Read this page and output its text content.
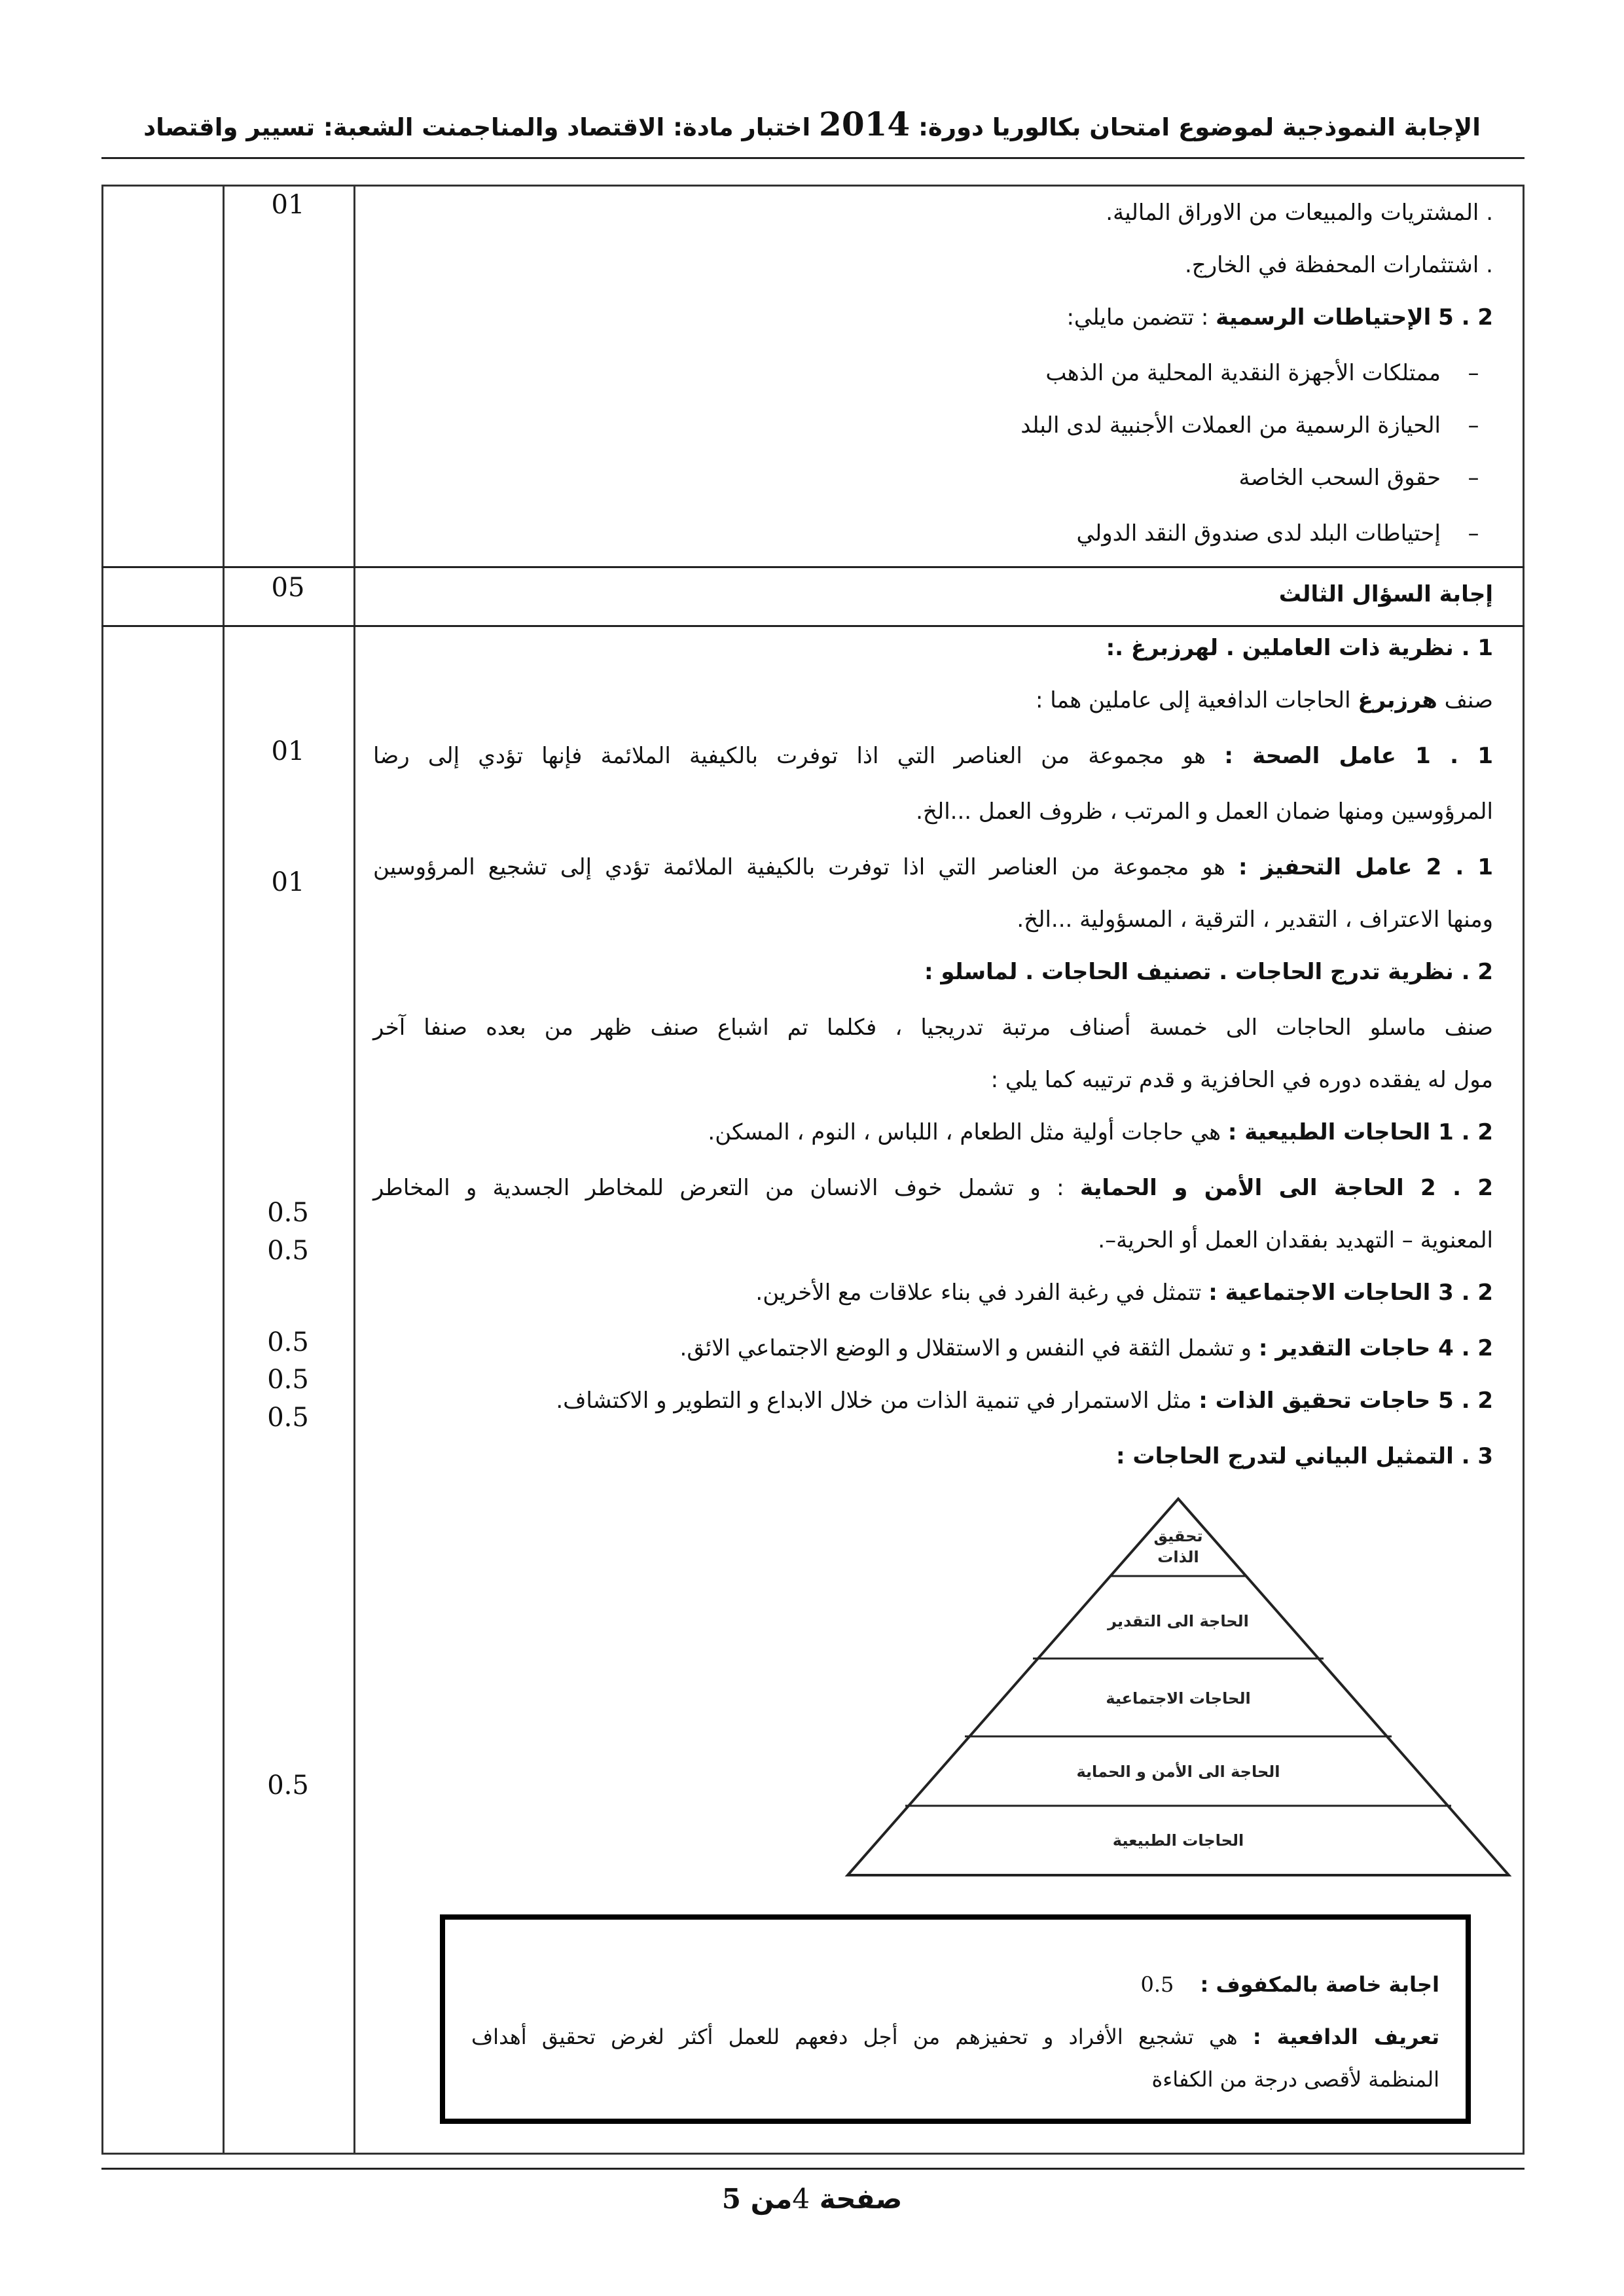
الإجابة النموذجية لموضوع امتحان بكالوريا دورة: 2014 اختبار مادة: الاقتصاد والمناجمنت الشعبة: تسيير واقتصاد
01	. المشتريات والمبيعات من الاوراق المالية.
. اشتثمارات المحفظة في الخارج.
2 . 5 الإحتياطات الرسمية : تتضمن مايلي:
–ممتلكات الأجهزة النقدية المحلية من الذهب
–الحيازة الرسمية من العملات الأجنبية لدى البلد
–حقوق السحب الخاصة
–إحتياطات البلد لدى صندوق النقد الدولي
05	إجابة السؤال الثالث
01
01
0.5
0.5
0.5
0.5
0.5
0.5
1 . نظرية ذات العاملين . لهرزبرغ .:
صنف هرزبرغ الحاجات الدافعية إلى عاملين هما :
1 . 1 عامل الصحة : هو مجموعة من العناصر التي اذا توفرت بالكيفية الملائمة فإنها تؤدي إلى رضا
المرؤوسين ومنها ضمان العمل و المرتب ، ظروف العمل ...الخ.
1 . 2 عامل التحفيز : هو مجموعة من العناصر التي اذا توفرت بالكيفية الملائمة تؤدي إلى تشجيع المرؤوسين
ومنها الاعتراف ، التقدير ، الترقية ، المسؤولية ...الخ.
2 . نظرية تدرج الحاجات . تصنيف الحاجات . لماسلو :
صنف ماسلو الحاجات الى خمسة أصناف مرتبة تدريجيا ، فكلما تم اشباع صنف ظهر من بعده صنفا آخر
مول له يفقده دوره في الحافزية و قدم ترتيبه كما يلي :
2 . 1 الحاجات الطبيعية : هي حاجات أولية مثل الطعام ، اللباس ، النوم ، المسكن.
2 . 2 الحاجة الى الأمن و الحماية : و تشمل خوف الانسان من التعرض للمخاطر الجسدية و المخاطر
المعنوية – التهديد بفقدان العمل أو الحرية–.
2 . 3 الحاجات الاجتماعية : تتمثل في رغبة الفرد في بناء علاقات مع الأخرين.
2 . 4 حاجات التقدير : و تشمل الثقة في النفس و الاستقلال و الوضع الاجتماعي الائق.
2 . 5 حاجات تحقيق الذات : مثل الاستمرار في تنمية الذات من خلال الابداع و التطوير و الاكتشاف.
3 . التمثيل البياني لتدرج الحاجات :
تحقيق
الذات
الحاجة الى التقدير
الحاجات الاجتماعية
الحاجة الى الأمن و الحماية
الحاجات الطبيعية
اجابة خاصة بالمكفوف : 0.5
تعريف الدافعية : هي تشجيع الأفراد و تحفيزهم من أجل دفعهم للعمل أكثر لغرض تحقيق أهداف
المنظمة لأقصى درجة من الكفاءة
صفحة 4من 5
